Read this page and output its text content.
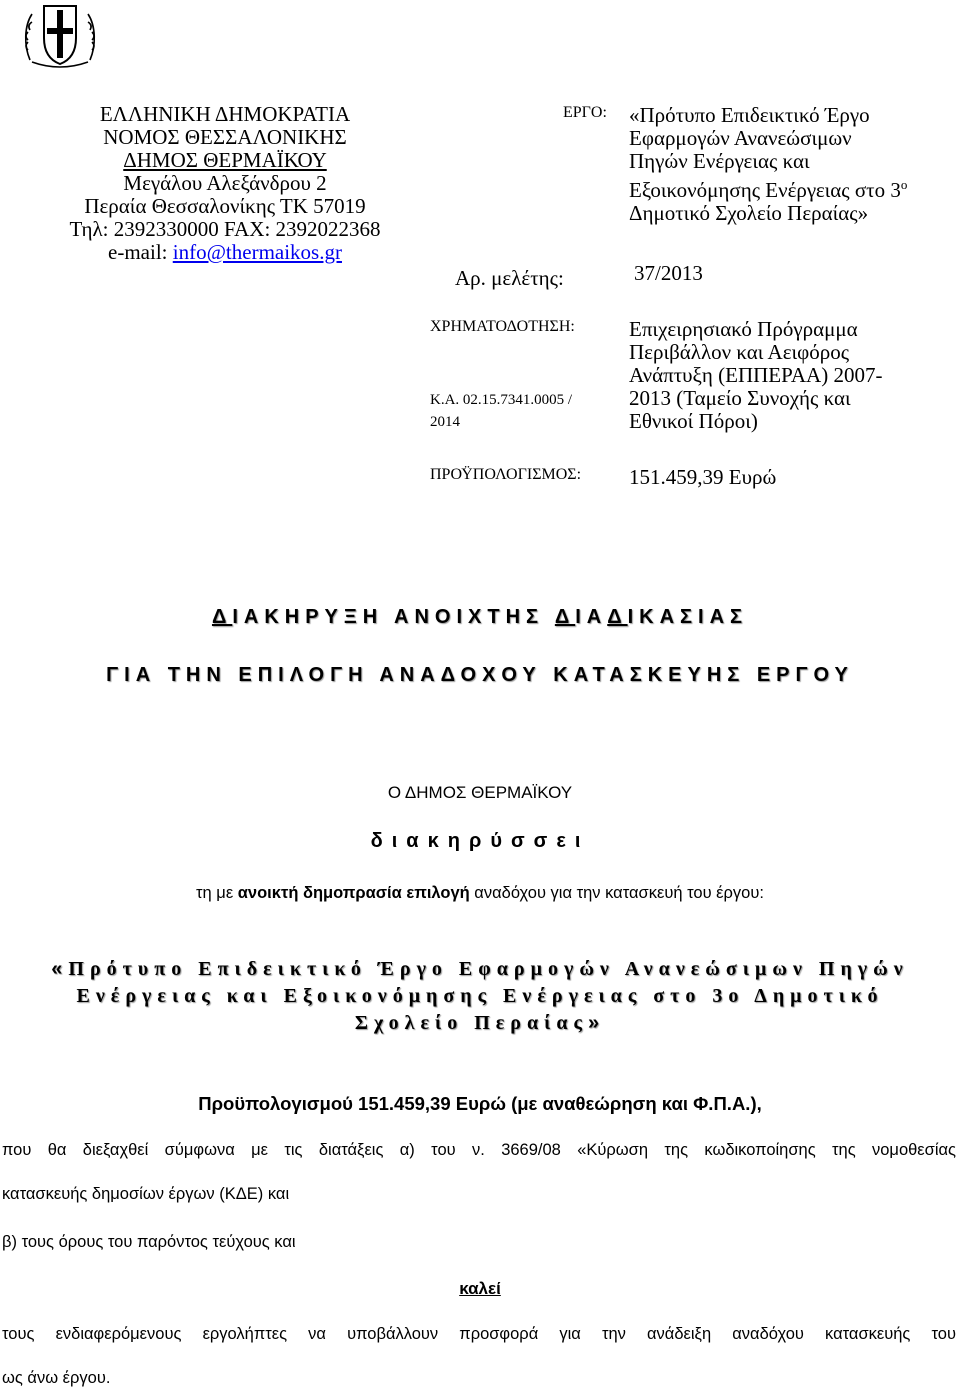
ΕΛΛΗΝΙΚΗ ΔΗΜΟΚΡΑΤΙΑ
ΝΟΜΟΣ ΘΕΣΣΑΛΟΝΙΚΗΣ
ΔΗΜΟΣ ΘΕΡΜΑΪΚΟΥ
Μεγάλου Αλεξάνδρου 2
Περαία Θεσσαλονίκης ΤΚ 57019
Τηλ: 2392330000 FAX: 2392022368
e-mail: info@thermaikos.gr
ΕΡΓΟ: «Πρότυπο Επιδεικτικό Έργο
Εφαρμογών Ανανεώσιμων
Πηγών Ενέργειας και
Εξοικονόμησης Ενέργειας στο $3^o$
Δημοτικό Σχολείο Περαίας»
Αρ. μελέτης:	37/2013
ΧΡΗΜΑΤΟΔΟΤΗΣΗ:
Κ.Α. 02.15.7341.0005 /
2014
Επιχειρησιακό Πρόγραμμα
Περιβάλλον και Αειφόρος
Ανάπτυξη (ΕΠΠΕΡΑΑ) 2007-
2013 (Ταμείο Συνοχής και
Εθνικοί Πόροι)
ΠΡΟΫΠΟΛΟΓΙΣΜΟΣ: 151.459,39 Ευρώ
ΔΙΑΚΗΡΥΞΗ ΑΝΟΙΧΤΗΣ ΔΙΑΔΙΚΑΣΙΑΣ
ΓΙΑ ΤΗΝ ΕΠΙΛΟΓΗ ΑΝΑΔΟΧΟΥ ΚΑΤΑΣΚΕΥΗΣ ΕΡΓΟΥ
Ο ΔΗΜΟΣ ΘΕΡΜΑΪΚΟΥ
διακηρύσσει
τη με ανοικτή δημοπρασία επιλογή αναδόχου για την κατασκευή του έργου:
«Πρότυπο Επιδεικτικό Έργο Εφαρμογών Ανανεώσιμων Πηγών
Ενέργειας και Εξοικονόμησης Ενέργειας στο 3ο Δημοτικό
Σχολείο Περαίας»
Προϋπολογισμού 151.459,39 Ευρώ (με αναθεώρηση και Φ.Π.Α.),
που θα διεξαχθεί σύμφωνα με τις διατάξεις α) του ν. 3669/08 «Κύρωση της κωδικοποίησης της νομοθεσίας
κατασκευής δημοσίων έργων (ΚΔΕ) και
β) τους όρους του παρόντος τεύχους και
καλεί
τους ενδιαφερόμενους εργολήπτες να υποβάλλουν προσφορά για την ανάδειξη αναδόχου κατασκευής του
ως άνω έργου.
